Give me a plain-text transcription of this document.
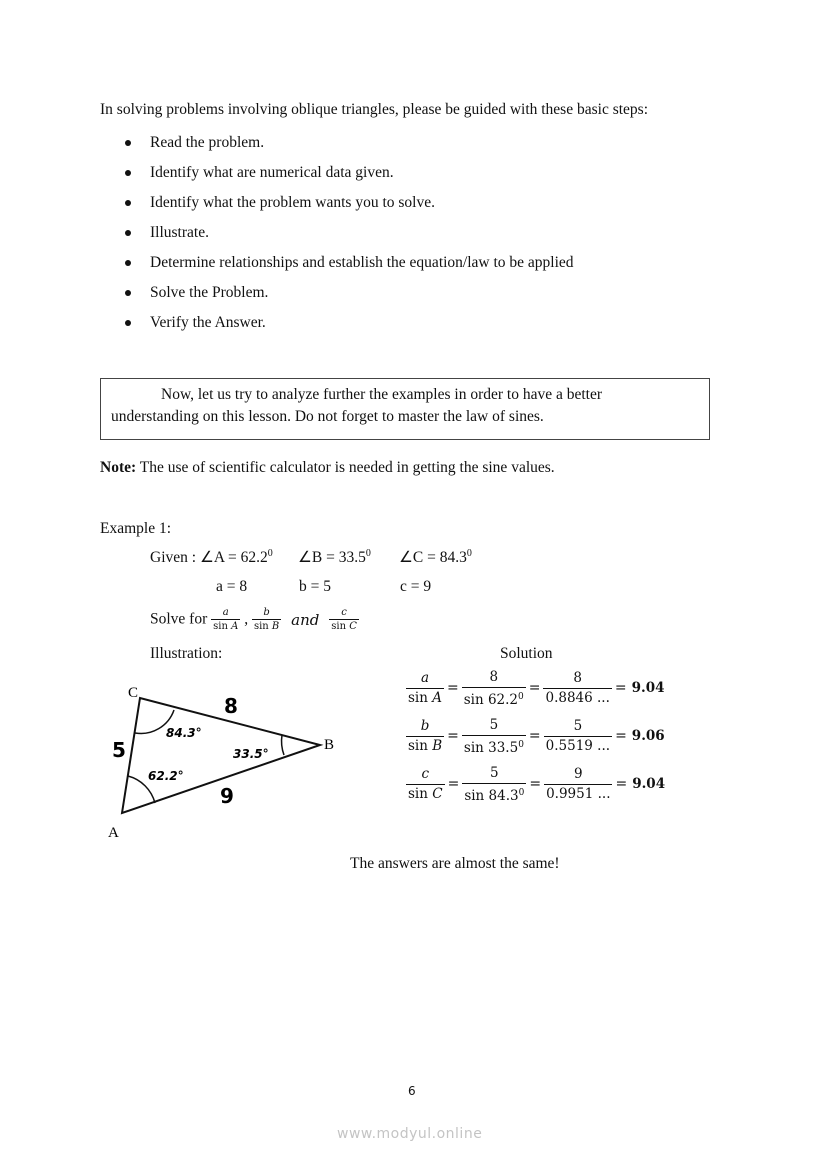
In solving problems involving oblique triangles, please be guided with these basic steps:
Read the problem.
Identify what are numerical data given.
Identify what the problem wants you to solve.
Illustrate.
Determine relationships and establish the equation/law to be applied
Solve the Problem.
Verify the Answer.
Now, let us try to analyze further the examples in order to have a better
understanding on this lesson. Do not forget to master the law of sines.
Note: The use of scientific calculator is needed in getting the sine values.
Example 1:
Given : ∠A = $62.2^0$ ∠B = $33.5^0$ ∠C = $84.3^0$
a = 8	b = 5	c = 9
Solve for $\frac{a}{\text{sin A}}$ , $\frac{b}{\text{sin B}}$ and $\frac{c}{\text{sin C}}$
Illustration:	Solution
C
B
A
5
8
9
84.3°
33.5°
62.2°
$\frac{a}{\text{sin A}} = \frac{8}{\sin 62.2^0} = \frac{8}{0.8846 ...} = 9.04$
$\frac{b}{\text{sin B}} = \frac{5}{\sin 33.5^0} = \frac{5}{0.5519 ...} = 9.06$
$\frac{c}{\text{sin C}} = \frac{5}{\sin 84.3^0} = \frac{9}{0.9951 ...} = 9.04$
The answers are almost the same!
6
www.modyul.online
